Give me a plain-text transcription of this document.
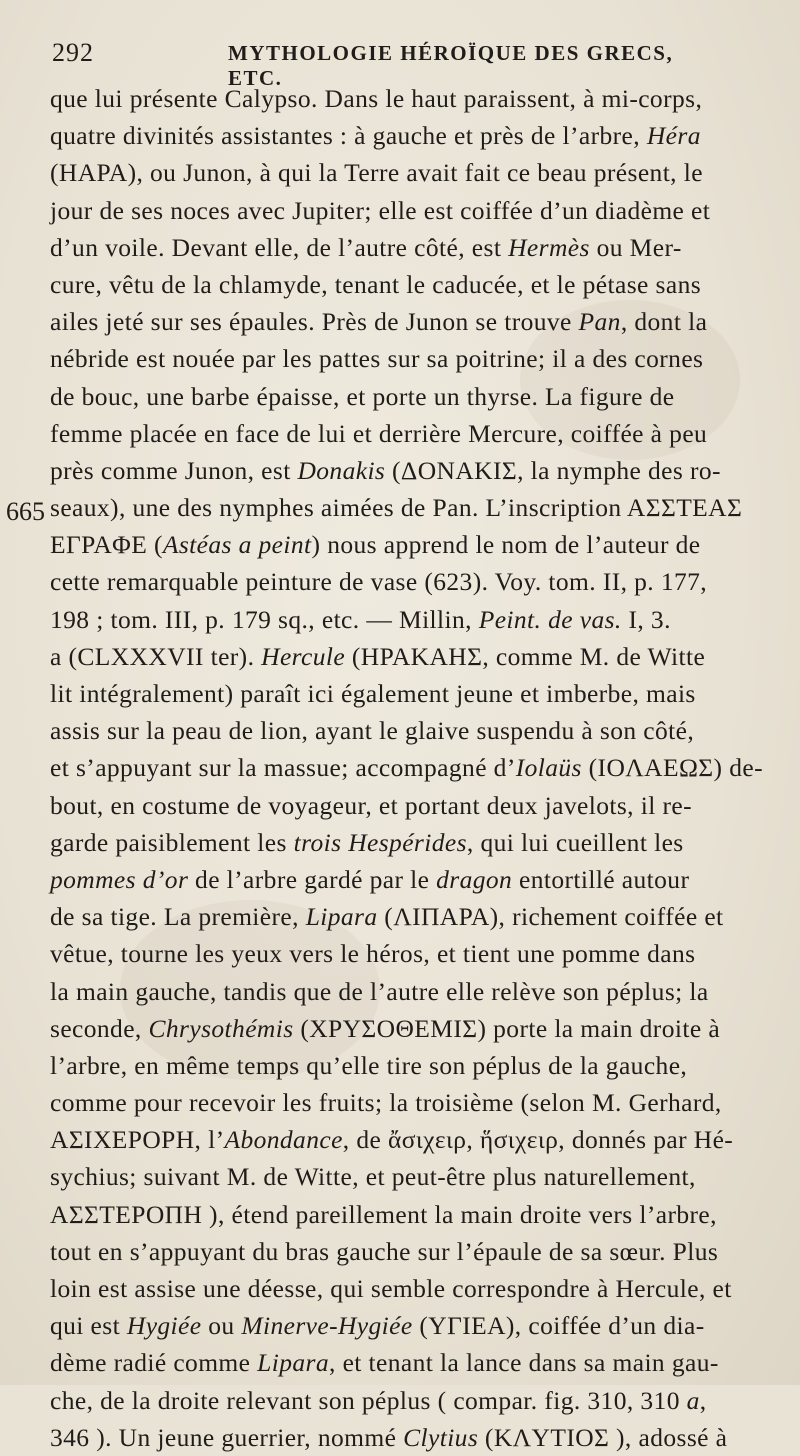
292	MYTHOLOGIE HÉROÏQUE DES GRECS, ETC.
665
que lui présente Calypso. Dans le haut paraissent, à mi-corps,
quatre divinités assistantes : à gauche et près de l’arbre, Héra
(HAPA), ou Junon, à qui la Terre avait fait ce beau présent, le
jour de ses noces avec Jupiter; elle est coiffée d’un diadème et
d’un voile. Devant elle, de l’autre côté, est Hermès ou Mer-
cure, vêtu de la chlamyde, tenant le caducée, et le pétase sans
ailes jeté sur ses épaules. Près de Junon se trouve Pan, dont la
nébride est nouée par les pattes sur sa poitrine; il a des cornes
de bouc, une barbe épaisse, et porte un thyrse. La figure de
femme placée en face de lui et derrière Mercure, coiffée à peu
près comme Junon, est Donakis (ΔONAKIΣ, la nymphe des ro-
seaux), une des nymphes aimées de Pan. L’inscription AΣΣTEAΣ
EΓPAΦE (Astéas a peint) nous apprend le nom de l’auteur de
cette remarquable peinture de vase (623). Voy. tom. II, p. 177,
198 ; tom. III, p. 179 sq., etc. — Millin, Peint. de vas. I, 3.
a (CLXXXVII ter). Hercule (HPAKAHΣ, comme M. de Witte
lit intégralement) paraît ici également jeune et imberbe, mais
assis sur la peau de lion, ayant le glaive suspendu à son côté,
et s’appuyant sur la massue; accompagné d’Iolaüs (IOΛAEΩΣ) de-
bout, en costume de voyageur, et portant deux javelots, il re-
garde paisiblement les trois Hespérides, qui lui cueillent les
pommes d’or de l’arbre gardé par le dragon entortillé autour
de sa tige. La première, Lipara (ΛIΠAPA), richement coiffée et
vêtue, tourne les yeux vers le héros, et tient une pomme dans
la main gauche, tandis que de l’autre elle relève son péplus; la
seconde, Chrysothémis (XPYΣOΘEMIΣ) porte la main droite à
l’arbre, en même temps qu’elle tire son péplus de la gauche,
comme pour recevoir les fruits; la troisième (selon M. Gerhard,
AΣIXEPOPH, l’Abondance, de ἄσιχειρ, ἥσιχειρ, donnés par Hé-
sychius; suivant M. de Witte, et peut-être plus naturellement,
AΣΣTEPOΠH ), étend pareillement la main droite vers l’arbre,
tout en s’appuyant du bras gauche sur l’épaule de sa sœur. Plus
loin est assise une déesse, qui semble correspondre à Hercule, et
qui est Hygiée ou Minerve-Hygiée (YΓIEA), coiffée d’un dia-
dème radié comme Lipara, et tenant la lance dans sa main gau-
che, de la droite relevant son péplus ( compar. fig. 310, 310 a,
346 ). Un jeune guerrier, nommé Clytius (KΛYTIOΣ ), adossé à
